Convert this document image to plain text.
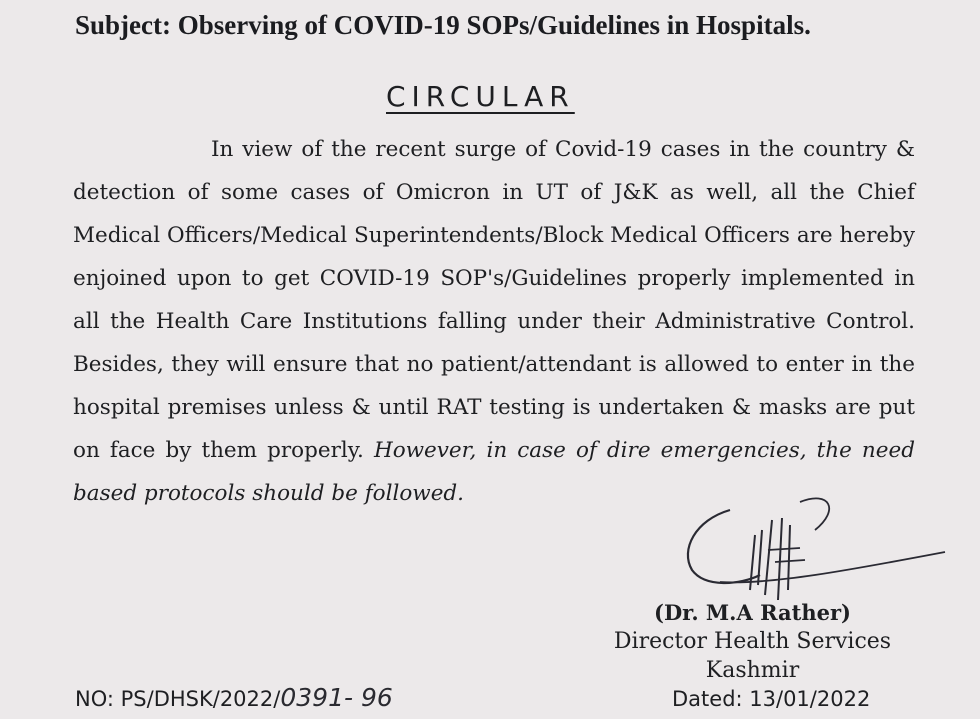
Subject: Observing of COVID-19 SOPs/Guidelines in Hospitals.
CIRCULAR
In view of the recent surge of Covid-19 cases in the country & detection of some cases of Omicron in UT of J&K as well, all the Chief Medical Officers/Medical Superintendents/Block Medical Officers are hereby enjoined upon to get COVID-19 SOP's/Guidelines properly implemented in all the Health Care Institutions falling under their Administrative Control. Besides, they will ensure that no patient/attendant is allowed to enter in the hospital premises unless & until RAT testing is undertaken & masks are put on face by them properly. However, in case of dire emergencies, the need based protocols should be followed.
(Dr. M.A Rather)
Director Health Services
Kashmir
NO: PS/DHSK/2022/0391- 96	Dated: 13/01/2022
